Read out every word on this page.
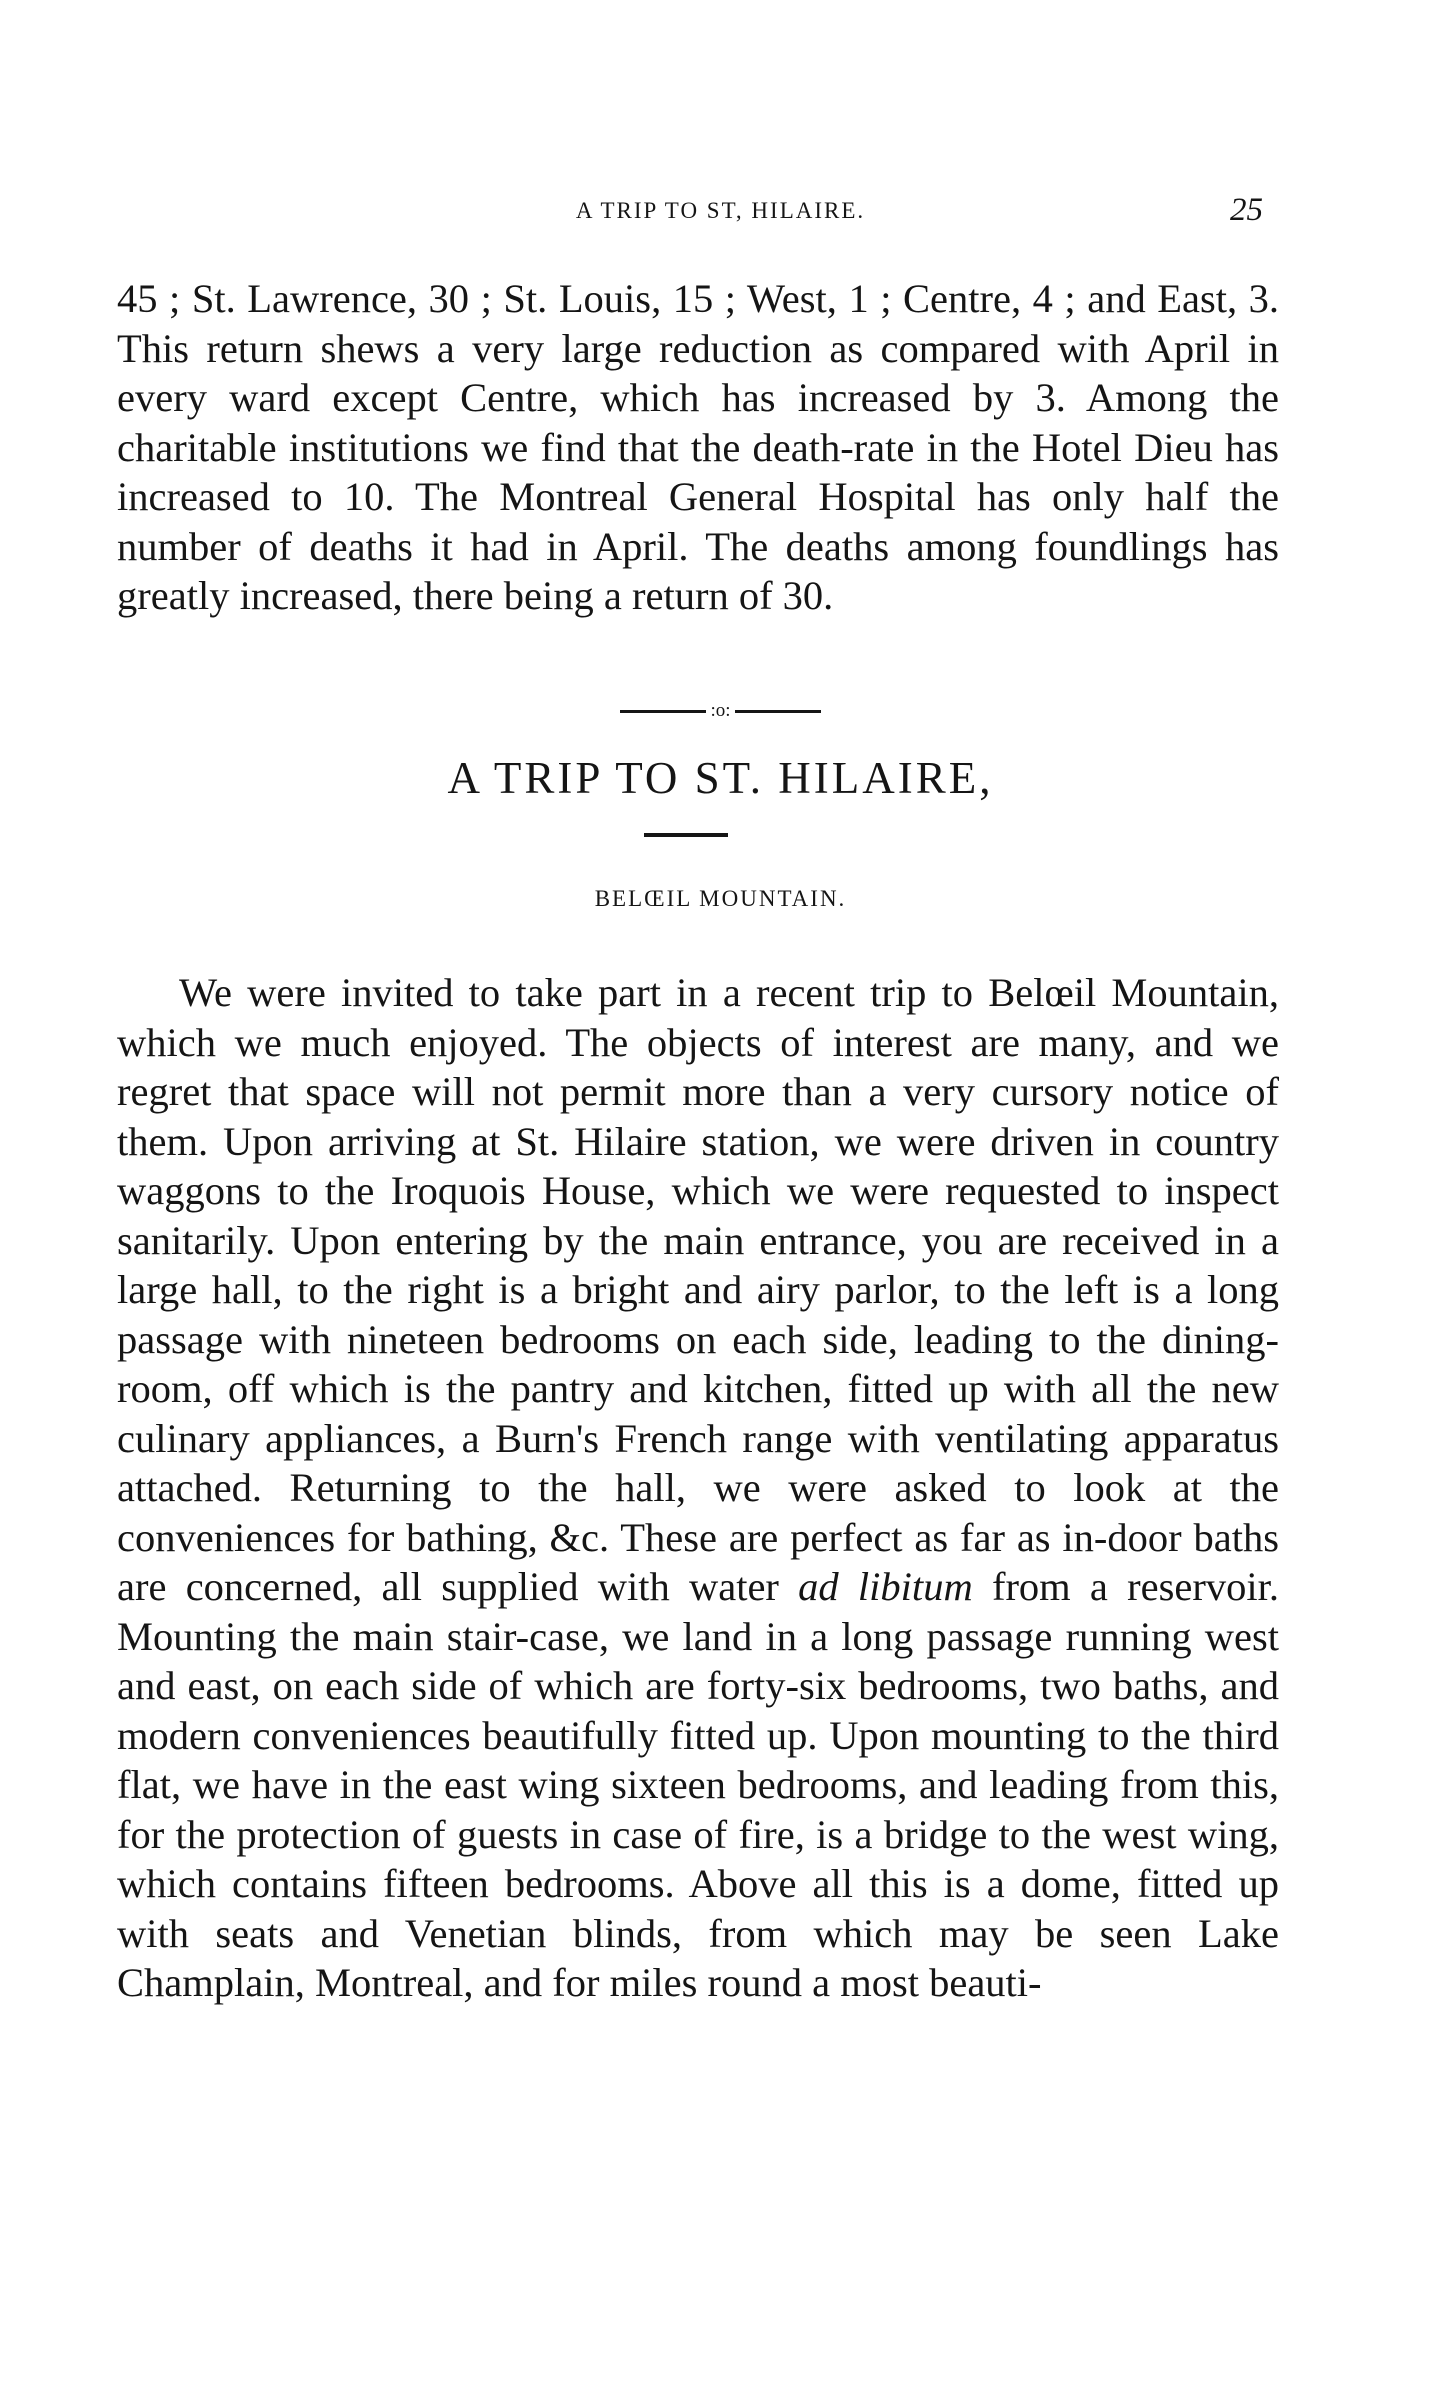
A TRIP TO ST, HILAIRE.	25

45 ; St. Lawrence, 30 ; St. Louis, 15 ; West, 1 ; Centre, 4 ; and East, 3. This return shews a very large reduction as compared with April in every ward except Centre, which has increased by 3. Among the charitable institutions we find that the death-rate in the Hotel Dieu has increased to 10. The Montreal General Hospital has only half the number of deaths it had in April. The deaths among foundlings has greatly increased, there being a return of 30.

:o:
A TRIP TO ST. HILAIRE,
BELŒIL MOUNTAIN.

We were invited to take part in a recent trip to Belœil Mountain, which we much enjoyed. The objects of interest are many, and we regret that space will not permit more than a very cursory notice of them. Upon arriving at St. Hilaire station, we were driven in country waggons to the Iroquois House, which we were requested to inspect sanitarily. Upon entering by the main entrance, you are received in a large hall, to the right is a bright and airy parlor, to the left is a long passage with nineteen bedrooms on each side, leading to the dining-room, off which is the pantry and kitchen, fitted up with all the new culinary appliances, a Burn's French range with ventilating apparatus attached. Returning to the hall, we were asked to look at the conveniences for bathing, &c. These are perfect as far as in-door baths are concerned, all supplied with water ad libitum from a reservoir. Mounting the main stair-case, we land in a long passage running west and east, on each side of which are forty-six bedrooms, two baths, and modern conveniences beautifully fitted up. Upon mounting to the third flat, we have in the east wing sixteen bedrooms, and leading from this, for the protection of guests in case of fire, is a bridge to the west wing, which contains fifteen bedrooms. Above all this is a dome, fitted up with seats and Venetian blinds, from which may be seen Lake Champlain, Montreal, and for miles round a most beauti-
